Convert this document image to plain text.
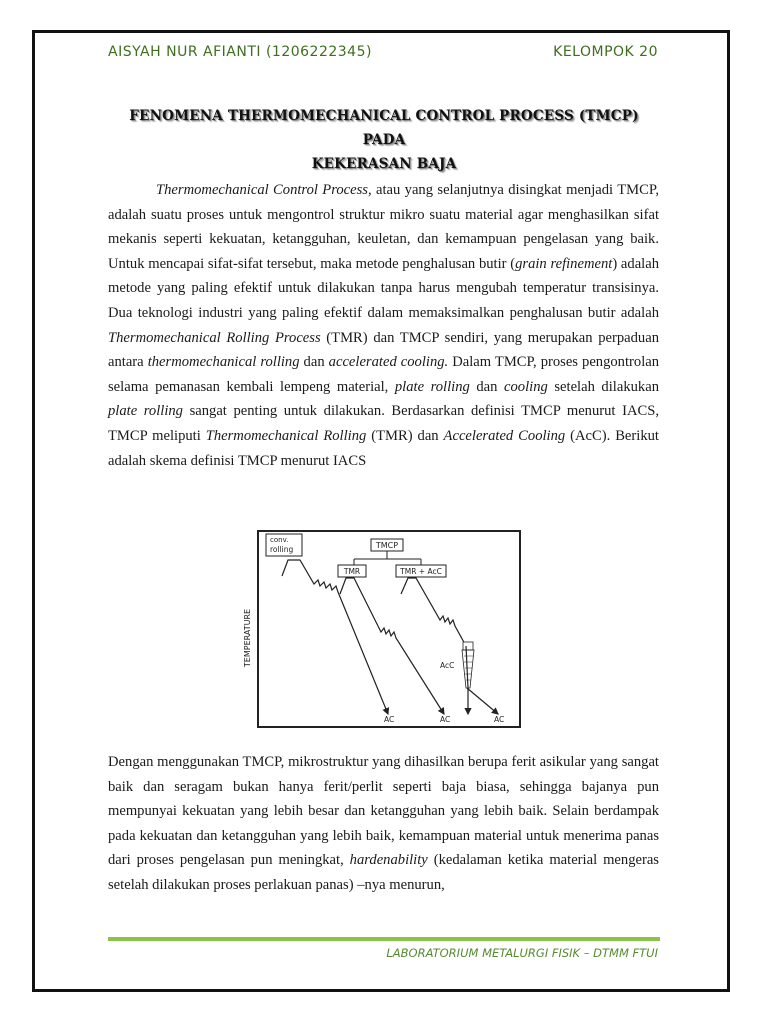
AISYAH NUR AFIANTI (1206222345)	KELOMPOK 20
FENOMENA THERMOMECHANICAL CONTROL PROCESS (TMCP) PADA
KEKERASAN BAJA

Thermomechanical Control Process, atau yang selanjutnya disingkat menjadi TMCP, adalah suatu proses untuk mengontrol struktur mikro suatu material agar menghasilkan sifat mekanis seperti kekuatan, ketangguhan, keuletan, dan kemampuan pengelasan yang baik. Untuk mencapai sifat-sifat tersebut, maka metode penghalusan butir (grain refinement) adalah metode yang paling efektif untuk dilakukan tanpa harus mengubah temperatur transisinya. Dua teknologi industri yang paling efektif dalam memaksimalkan penghalusan butir adalah Thermomechanical Rolling Process (TMR) dan TMCP sendiri, yang merupakan perpaduan antara thermomechanical rolling dan accelerated cooling. Dalam TMCP, proses pengontrolan selama pemanasan kembali lempeng material, plate rolling dan cooling setelah dilakukan plate rolling sangat penting untuk dilakukan. Berdasarkan definisi TMCP menurut IACS, TMCP meliputi Thermomechanical Rolling (TMR) dan Accelerated Cooling (AcC). Berikut adalah skema definisi TMCP menurut IACS

TEMPERATURE
conv.
rolling	TMCP
TMR	TMR + AcC
AcC
AC	AC	AC

Dengan menggunakan TMCP, mikrostruktur yang dihasilkan berupa ferit asikular yang sangat baik dan seragam bukan hanya ferit/perlit seperti baja biasa, sehingga bajanya pun mempunyai kekuatan yang lebih besar dan ketangguhan yang lebih baik. Selain berdampak pada kekuatan dan ketangguhan yang lebih baik, kemampuan material untuk menerima panas dari proses pengelasan pun meningkat, hardenability (kedalaman ketika material mengeras setelah dilakukan proses perlakuan panas) –nya menurun,

LABORATORIUM METALURGI FISIK – DTMM FTUI
